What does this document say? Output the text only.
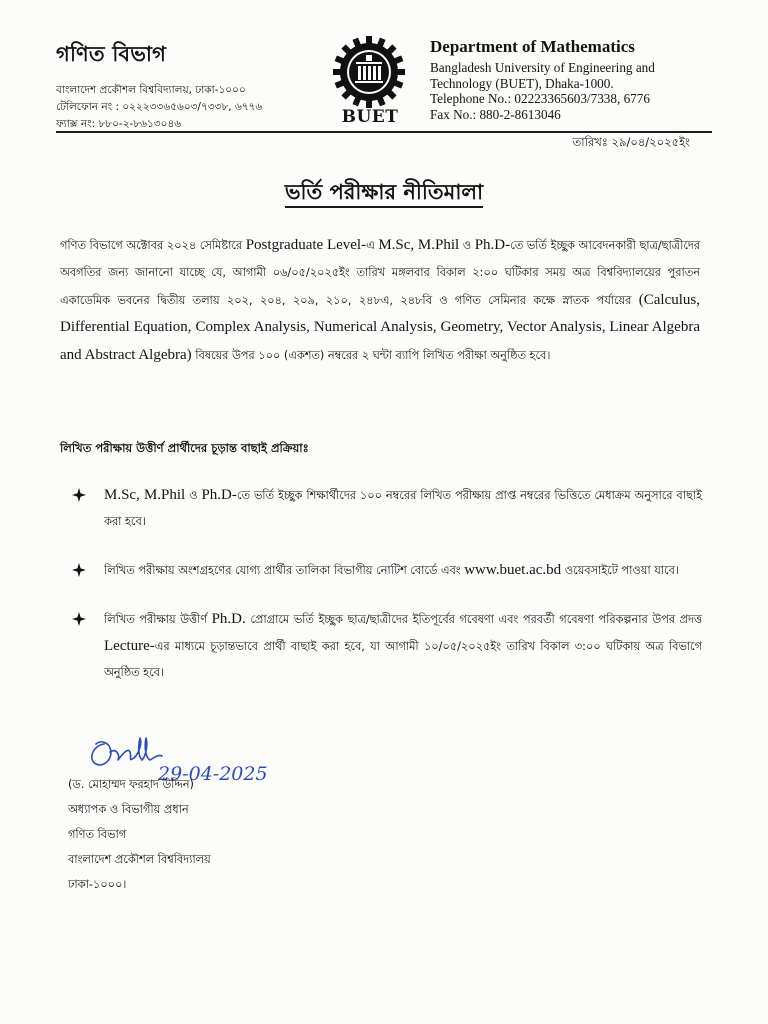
গণিত বিভাগ
বাংলাদেশ প্রকৌশল বিশ্ববিদ্যালয়, ঢাকা-১০০০
টেলিফোন নং : ০২২২৩৩৬৫৬০৩/৭৩৩৮, ৬৭৭৬
ফ্যাক্স নং: ৮৮০-২-৮৬১৩০৪৬	BUET
Department of Mathematics
Bangladesh University of Engineering and
Technology (BUET), Dhaka-1000.
Telephone No.: 02223365603/7338, 6776
Fax No.: 880-2-8613046
তারিখঃ ২৯/০৪/২০২৫ইং
ভর্তি পরীক্ষার নীতিমালা
গণিত বিভাগে অক্টোবর ২০২৪ সেমিষ্টারে Postgraduate Level-এ M.Sc, M.Phil ও Ph.D-তে ভর্তি ইচ্ছুক আবেদনকারী ছাত্র/ছাত্রীদের অবগতির জন্য জানানো যাচ্ছে যে, আগামী ০৬/০৫/২০২৫ইং তারিখ মঙ্গলবার বিকাল ২:০০ ঘটিকার সময় অত্র বিশ্ববিদ্যালয়ের পুরাতন একাডেমিক ভবনের দ্বিতীয় তলায় ২০২, ২০৪, ২০৯, ২১০, ২৪৮এ, ২৪৮বি ও গণিত সেমিনার কক্ষে স্নাতক পর্যায়ের (Calculus, Differential Equation, Complex Analysis, Numerical Analysis, Geometry, Vector Analysis, Linear Algebra and Abstract Algebra) বিষয়ের উপর ১০০ (একশত) নম্বরের ২ ঘন্টা ব্যাপি লিখিত পরীক্ষা অনুষ্ঠিত হবে।
লিখিত পরীক্ষায় উত্তীর্ণ প্রার্থীদের চূড়ান্ত বাছাই প্রক্রিয়াঃ
M.Sc, M.Phil ও Ph.D-তে ভর্তি ইচ্ছুক শিক্ষার্থীদের ১০০ নম্বরের লিখিত পরীক্ষায় প্রাপ্ত নম্বরের ভিত্তিতে মেধাক্রম অনুসারে বাছাই করা হবে।
লিখিত পরীক্ষায় অংশগ্রহণের যোগ্য প্রার্থীর তালিকা বিভাগীয় নোটিশ বোর্ডে এবং www.buet.ac.bd ওয়েবসাইটে পাওয়া যাবে।
লিখিত পরীক্ষায় উত্তীর্ণ Ph.D. প্রোগ্রামে ভর্তি ইচ্ছুক ছাত্র/ছাত্রীদের ইতিপূর্বের গবেষণা এবং পরবর্তী গবেষণা পরিকল্পনার উপর প্রদত্ত Lecture-এর মাধ্যমে চূড়ান্তভাবে প্রার্থী বাছাই করা হবে, যা আগামী ১০/০৫/২০২৫ইং তারিখ বিকাল ৩:০০ ঘটিকায় অত্র বিভাগে অনুষ্ঠিত হবে।
29-04-2025
(ড. মোহাম্মদ ফরহাদ উদ্দিন)
অধ্যাপক ও বিভাগীয় প্রধান
গণিত বিভাগ
বাংলাদেশ প্রকৌশল বিশ্ববিদ্যালয়
ঢাকা-১০০০।
